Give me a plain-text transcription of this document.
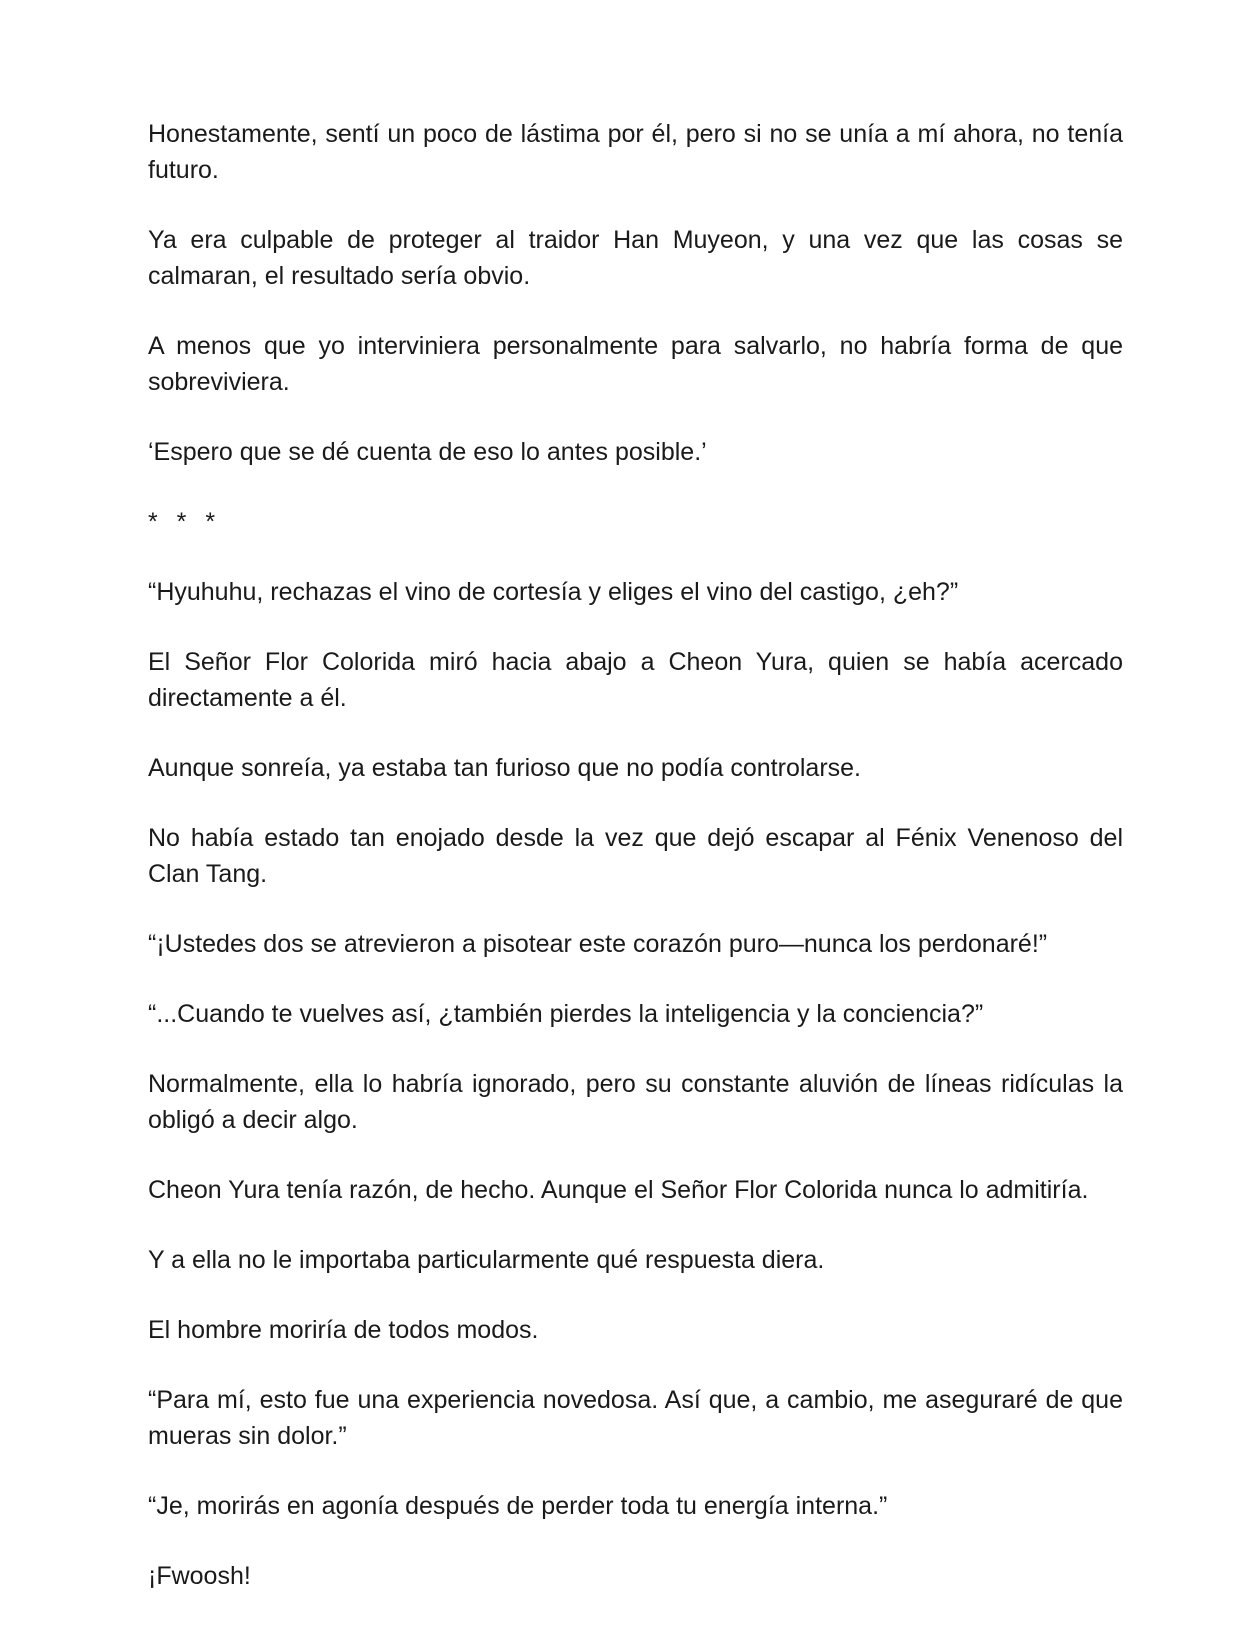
Honestamente, sentí un poco de lástima por él, pero si no se unía a mí ahora, no tenía futuro.

Ya era culpable de proteger al traidor Han Muyeon, y una vez que las cosas se calmaran, el resultado sería obvio.

A menos que yo interviniera personalmente para salvarlo, no habría forma de que sobreviviera.

‘Espero que se dé cuenta de eso lo antes posible.’

* * *

“Hyuhuhu, rechazas el vino de cortesía y eliges el vino del castigo, ¿eh?”

El Señor Flor Colorida miró hacia abajo a Cheon Yura, quien se había acercado directamente a él.

Aunque sonreía, ya estaba tan furioso que no podía controlarse.

No había estado tan enojado desde la vez que dejó escapar al Fénix Venenoso del Clan Tang.

“¡Ustedes dos se atrevieron a pisotear este corazón puro—nunca los perdonaré!”

“...Cuando te vuelves así, ¿también pierdes la inteligencia y la conciencia?”

Normalmente, ella lo habría ignorado, pero su constante aluvión de líneas ridículas la obligó a decir algo.

Cheon Yura tenía razón, de hecho. Aunque el Señor Flor Colorida nunca lo admitiría.

Y a ella no le importaba particularmente qué respuesta diera.

El hombre moriría de todos modos.

“Para mí, esto fue una experiencia novedosa. Así que, a cambio, me aseguraré de que mueras sin dolor.”

“Je, morirás en agonía después de perder toda tu energía interna.”

¡Fwoosh!
